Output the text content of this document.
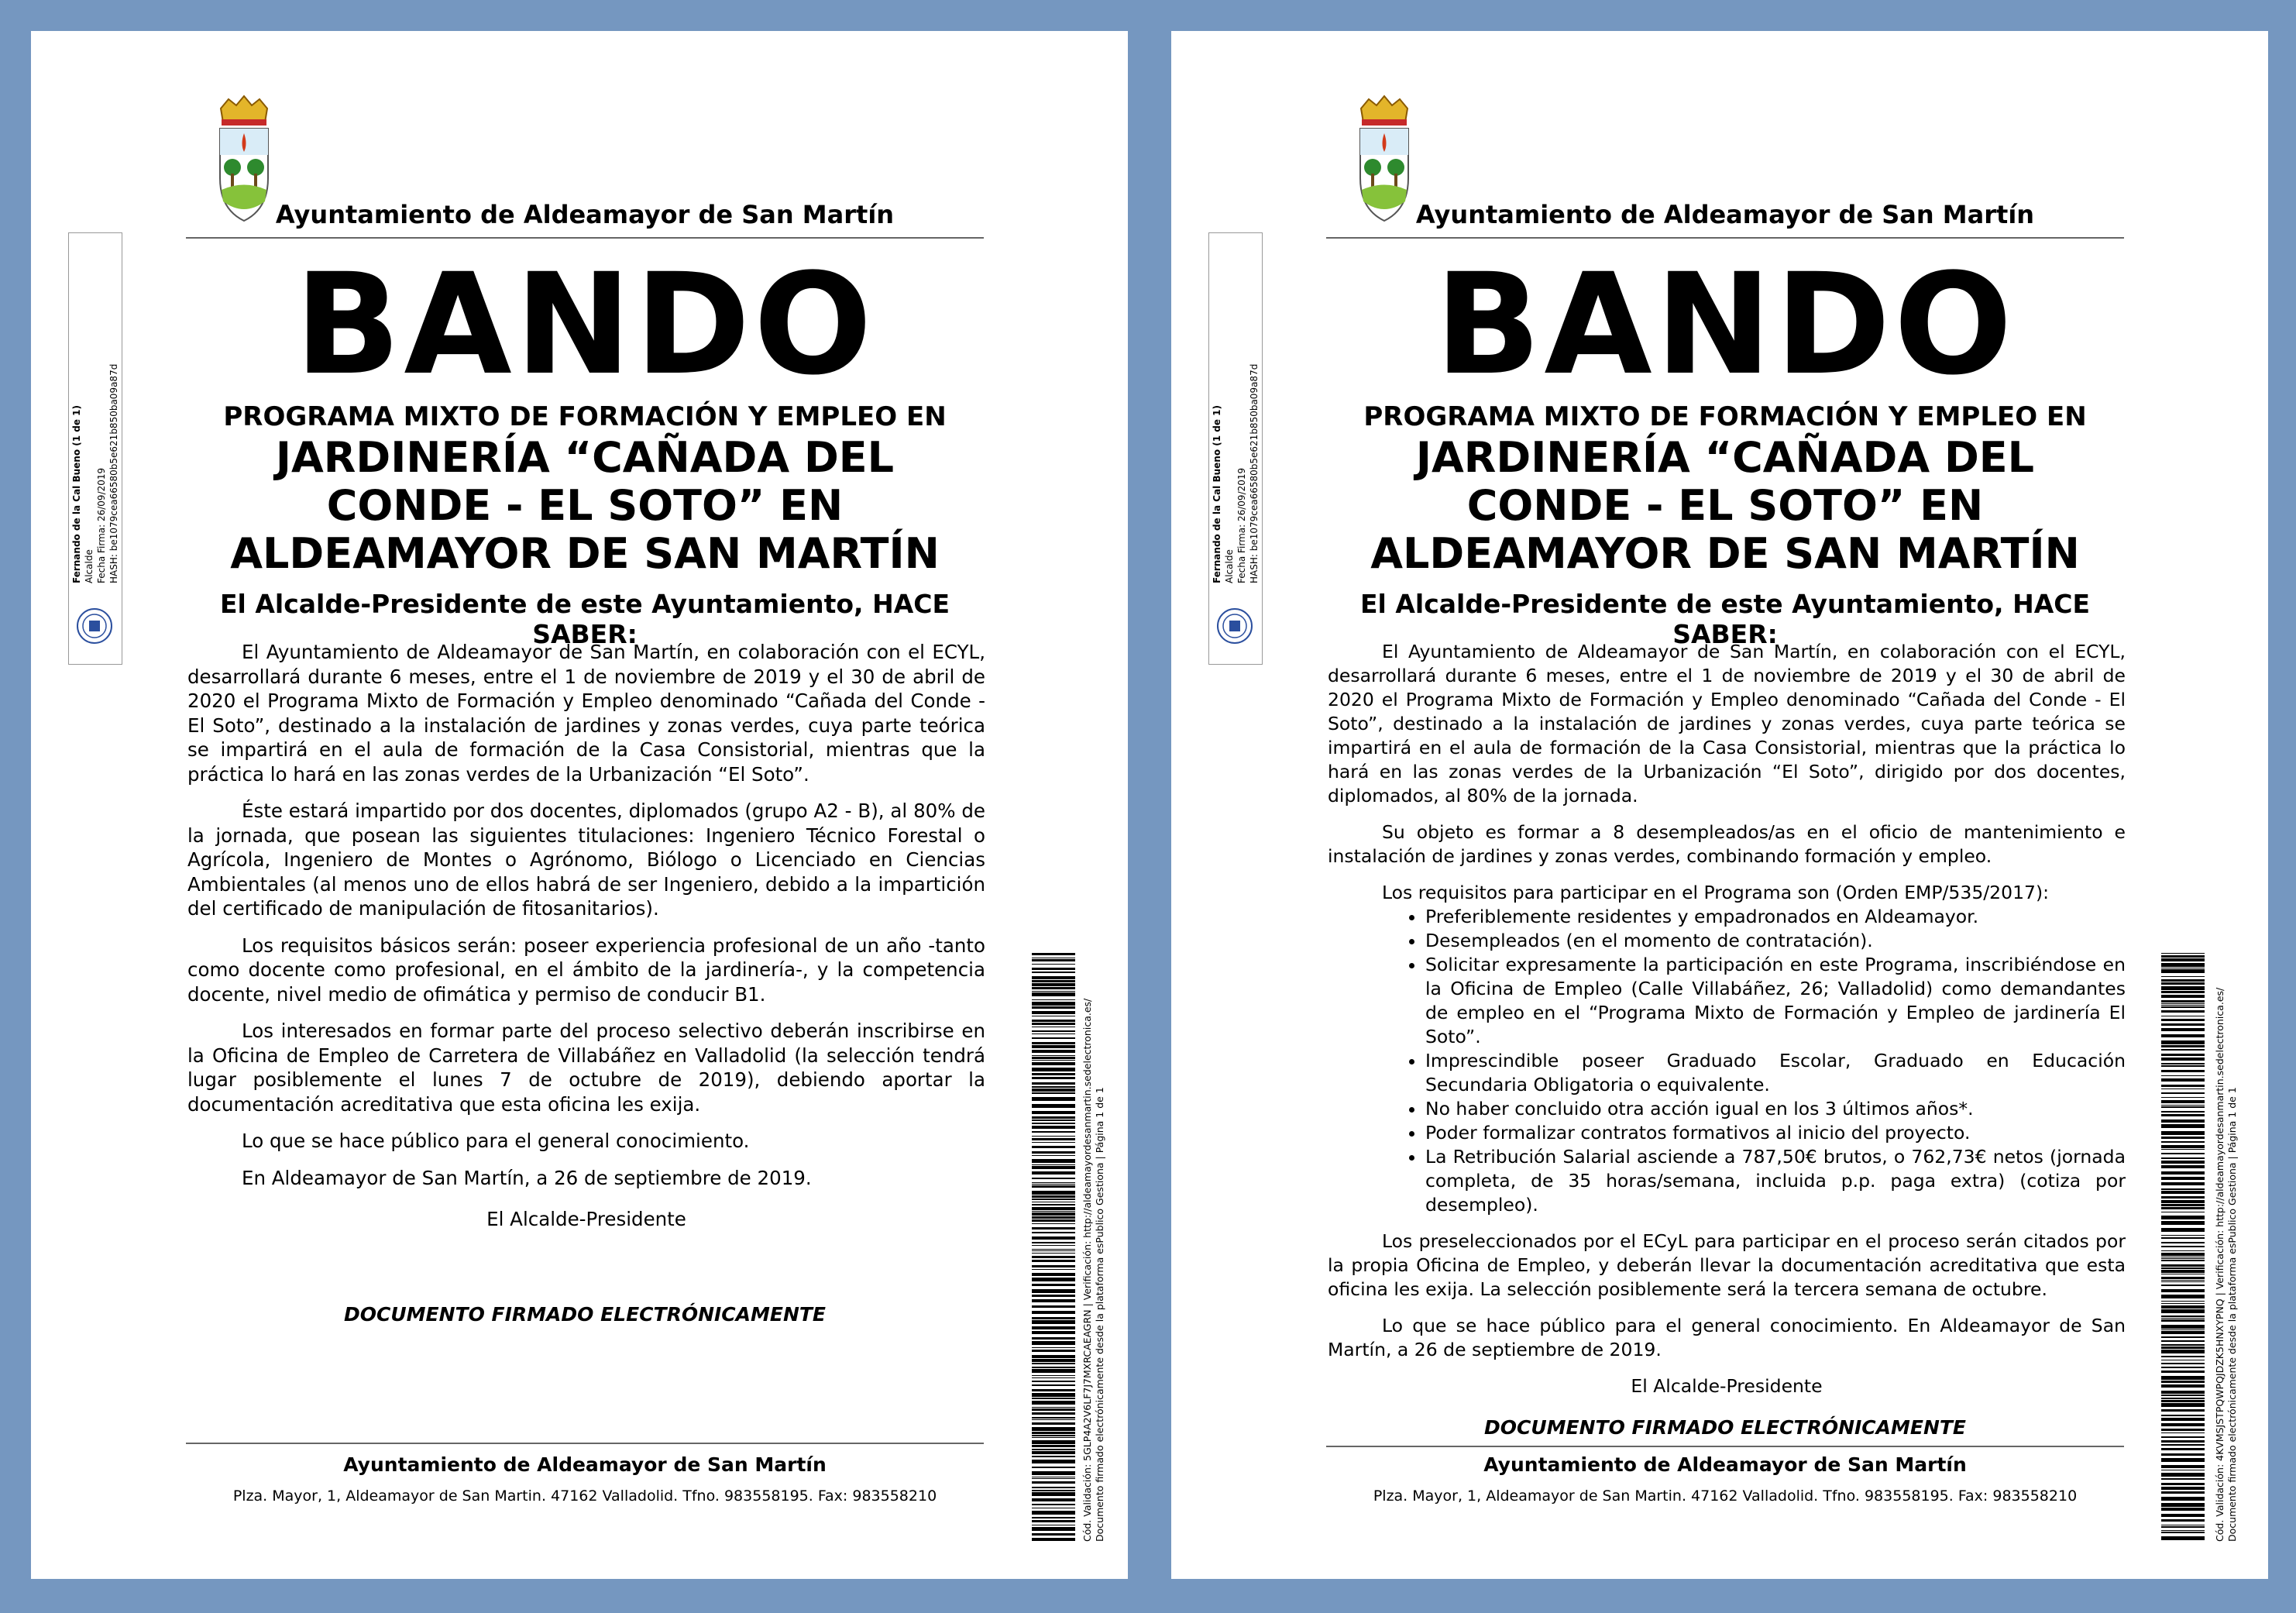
Ayuntamiento de Aldeamayor de San Martín
BANDO
PROGRAMA MIXTO DE FORMACIÓN Y EMPLEO EN
JARDINERÍA “CAÑADA DEL
CONDE - EL SOTO” EN
ALDEAMAYOR DE SAN MARTÍN
El Alcalde-Presidente de este Ayuntamiento, HACE SABER:

El Ayuntamiento de Aldeamayor de San Martín, en colaboración con el ECYL, desarrollará durante 6 meses, entre el 1 de noviembre de 2019 y el 30 de abril de 2020 el Programa Mixto de Formación y Empleo denominado “Cañada del Conde - El Soto”, destinado a la instalación de jardines y zonas verdes, cuya parte teórica se impartirá en el aula de formación de la Casa Consistorial, mientras que la práctica lo hará en las zonas verdes de la Urbanización “El Soto”.

Éste estará impartido por dos docentes, diplomados (grupo A2 - B), al 80% de la jornada, que posean las siguientes titulaciones: Ingeniero Técnico Forestal o Agrícola, Ingeniero de Montes o Agrónomo, Biólogo o Licenciado en Ciencias Ambientales (al menos uno de ellos habrá de ser Ingeniero, debido a la impartición del certificado de manipulación de fitosanitarios).

Los requisitos básicos serán: poseer experiencia profesional de un año -tanto como docente como profesional, en el ámbito de la jardinería-, y la competencia docente, nivel medio de ofimática y permiso de conducir B1.

Los interesados en formar parte del proceso selectivo deberán inscribirse en la Oficina de Empleo de Carretera de Villabáñez en Valladolid (la selección tendrá lugar posiblemente el lunes 7 de octubre de 2019), debiendo aportar la documentación acreditativa que esta oficina les exija.

Lo que se hace público para el general conocimiento.

En Aldeamayor de San Martín, a 26 de septiembre de 2019.

El Alcalde-Presidente

DOCUMENTO FIRMADO ELECTRÓNICAMENTE
Ayuntamiento de Aldeamayor de San Martín
Plza. Mayor, 1, Aldeamayor de San Martin. 47162 Valladolid. Tfno. 983558195. Fax: 983558210
Fernando de la Cal Bueno (1 de 1) Alcalde Fecha Firma: 26/09/2019 HASH: be1079cea66580b5e621b850ba09a87d
Cód. Validación: 5GLP4A2V6LF7J7MXRCAEAGRN | Verificación: http://aldeamayordesanmartin.sedelectronica.es/ Documento firmado electrónicamente desde la plataforma esPublico Gestiona | Página 1 de 1
Ayuntamiento de Aldeamayor de San Martín
BANDO
PROGRAMA MIXTO DE FORMACIÓN Y EMPLEO EN
JARDINERÍA “CAÑADA DEL
CONDE - EL SOTO” EN
ALDEAMAYOR DE SAN MARTÍN
El Alcalde-Presidente de este Ayuntamiento, HACE SABER:

El Ayuntamiento de Aldeamayor de San Martín, en colaboración con el ECYL, desarrollará durante 6 meses, entre el 1 de noviembre de 2019 y el 30 de abril de 2020 el Programa Mixto de Formación y Empleo denominado “Cañada del Conde - El Soto”, destinado a la instalación de jardines y zonas verdes, cuya parte teórica se impartirá en el aula de formación de la Casa Consistorial, mientras que la práctica lo hará en las zonas verdes de la Urbanización “El Soto”, dirigido por dos docentes, diplomados, al 80% de la jornada.

Su objeto es formar a 8 desempleados/as en el oficio de mantenimiento e instalación de jardines y zonas verdes, combinando formación y empleo.

Los requisitos para participar en el Programa son (Orden EMP/535/2017):

• Preferiblemente residentes y empadronados en Aldeamayor.
• Desempleados (en el momento de contratación).
• Solicitar expresamente la participación en este Programa, inscribiéndose en la Oficina de Empleo (Calle Villabáñez, 26; Valladolid) como demandantes de empleo en el “Programa Mixto de Formación y Empleo de jardinería El Soto”.
• Imprescindible poseer Graduado Escolar, Graduado en Educación Secundaria Obligatoria o equivalente.
• No haber concluido otra acción igual en los 3 últimos años*.
• Poder formalizar contratos formativos al inicio del proyecto.
• La Retribución Salarial asciende a 787,50€ brutos, o 762,73€ netos (jornada completa, de 35 horas/semana, incluida p.p. paga extra) (cotiza por desempleo).

Los preseleccionados por el ECyL para participar en el proceso serán citados por la propia Oficina de Empleo, y deberán llevar la documentación acreditativa que esta oficina les exija. La selección posiblemente será la tercera semana de octubre.

Lo que se hace público para el general conocimiento. En Aldeamayor de San Martín, a 26 de septiembre de 2019.

El Alcalde-Presidente

DOCUMENTO FIRMADO ELECTRÓNICAMENTE
Ayuntamiento de Aldeamayor de San Martín
Plza. Mayor, 1, Aldeamayor de San Martin. 47162 Valladolid. Tfno. 983558195. Fax: 983558210
Fernando de la Cal Bueno (1 de 1) Alcalde Fecha Firma: 26/09/2019 HASH: be1079cea66580b5e621b850ba09a87d
Cód. Validación: 4KVMSJSTPQWPQJDZK5HNXYPNQ | Verificación: http://aldeamayordesanmartin.sedelectronica.es/ Documento firmado electrónicamente desde la plataforma esPublico Gestiona | Página 1 de 1
